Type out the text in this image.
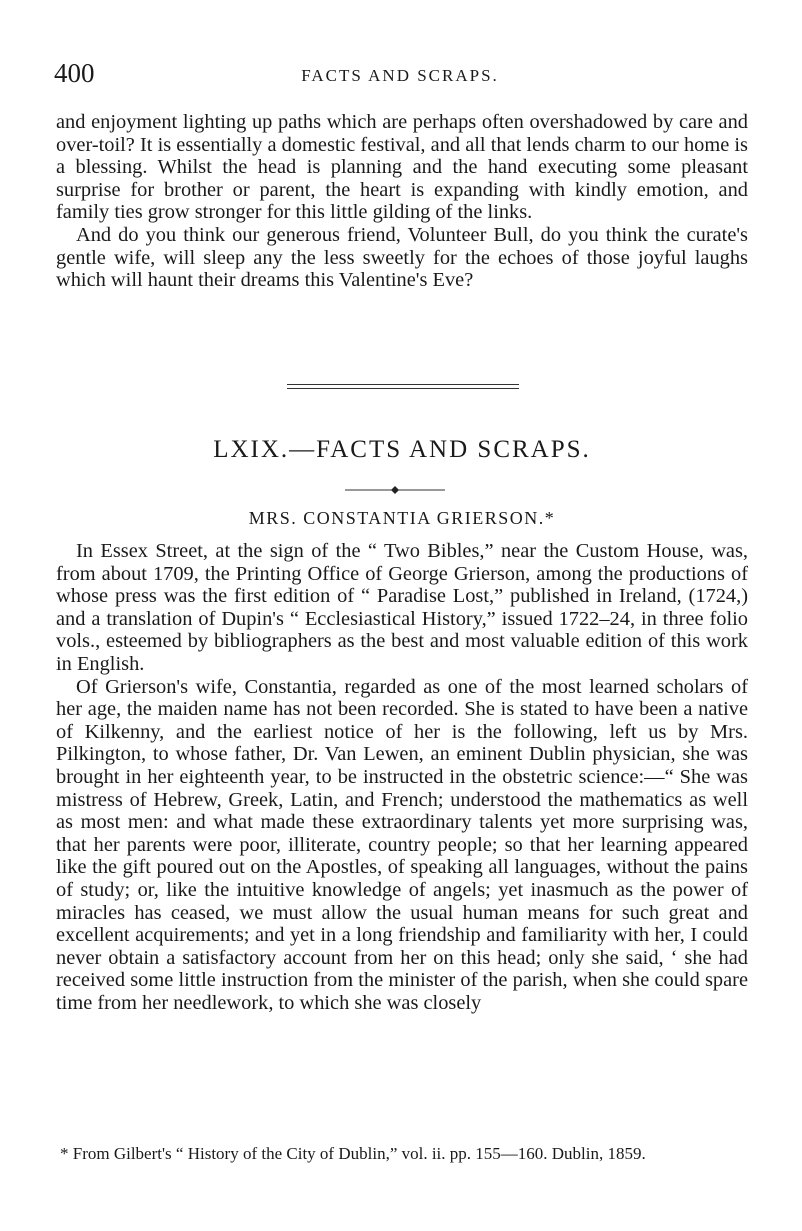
400	FACTS AND SCRAPS.

and enjoyment lighting up paths which are perhaps often overshadowed by care and over-toil? It is essentially a domestic festival, and all that lends charm to our home is a blessing. Whilst the head is planning and the hand executing some pleasant surprise for brother or parent, the heart is expanding with kindly emotion, and family ties grow stronger for this little gilding of the links.

And do you think our generous friend, Volunteer Bull, do you think the curate's gentle wife, will sleep any the less sweetly for the echoes of those joyful laughs which will haunt their dreams this Valentine's Eve?

LXIX.—FACTS AND SCRAPS.
MRS. CONSTANTIA GRIERSON.*

In Essex Street, at the sign of the “ Two Bibles,” near the Custom House, was, from about 1709, the Printing Office of George Grierson, among the productions of whose press was the first edition of “ Paradise Lost,” published in Ireland, (1724,) and a translation of Dupin's “ Ecclesiastical History,” issued 1722–24, in three folio vols., esteemed by bibliographers as the best and most valuable edition of this work in English.

Of Grierson's wife, Constantia, regarded as one of the most learned scholars of her age, the maiden name has not been recorded. She is stated to have been a native of Kilkenny, and the earliest notice of her is the following, left us by Mrs. Pilkington, to whose father, Dr. Van Lewen, an eminent Dublin physician, she was brought in her eighteenth year, to be instructed in the obstetric science:—“ She was mistress of Hebrew, Greek, Latin, and French; understood the mathematics as well as most men: and what made these extraordinary talents yet more surprising was, that her parents were poor, illiterate, country people; so that her learning appeared like the gift poured out on the Apostles, of speaking all languages, without the pains of study; or, like the intuitive knowledge of angels; yet inasmuch as the power of miracles has ceased, we must allow the usual human means for such great and excellent acquirements; and yet in a long friendship and familiarity with her, I could never obtain a satisfactory account from her on this head; only she said, ‘ she had received some little instruction from the minister of the parish, when she could spare time from her needlework, to which she was closely

* From Gilbert's “ History of the City of Dublin,” vol. ii. pp. 155—160. Dublin, 1859.
